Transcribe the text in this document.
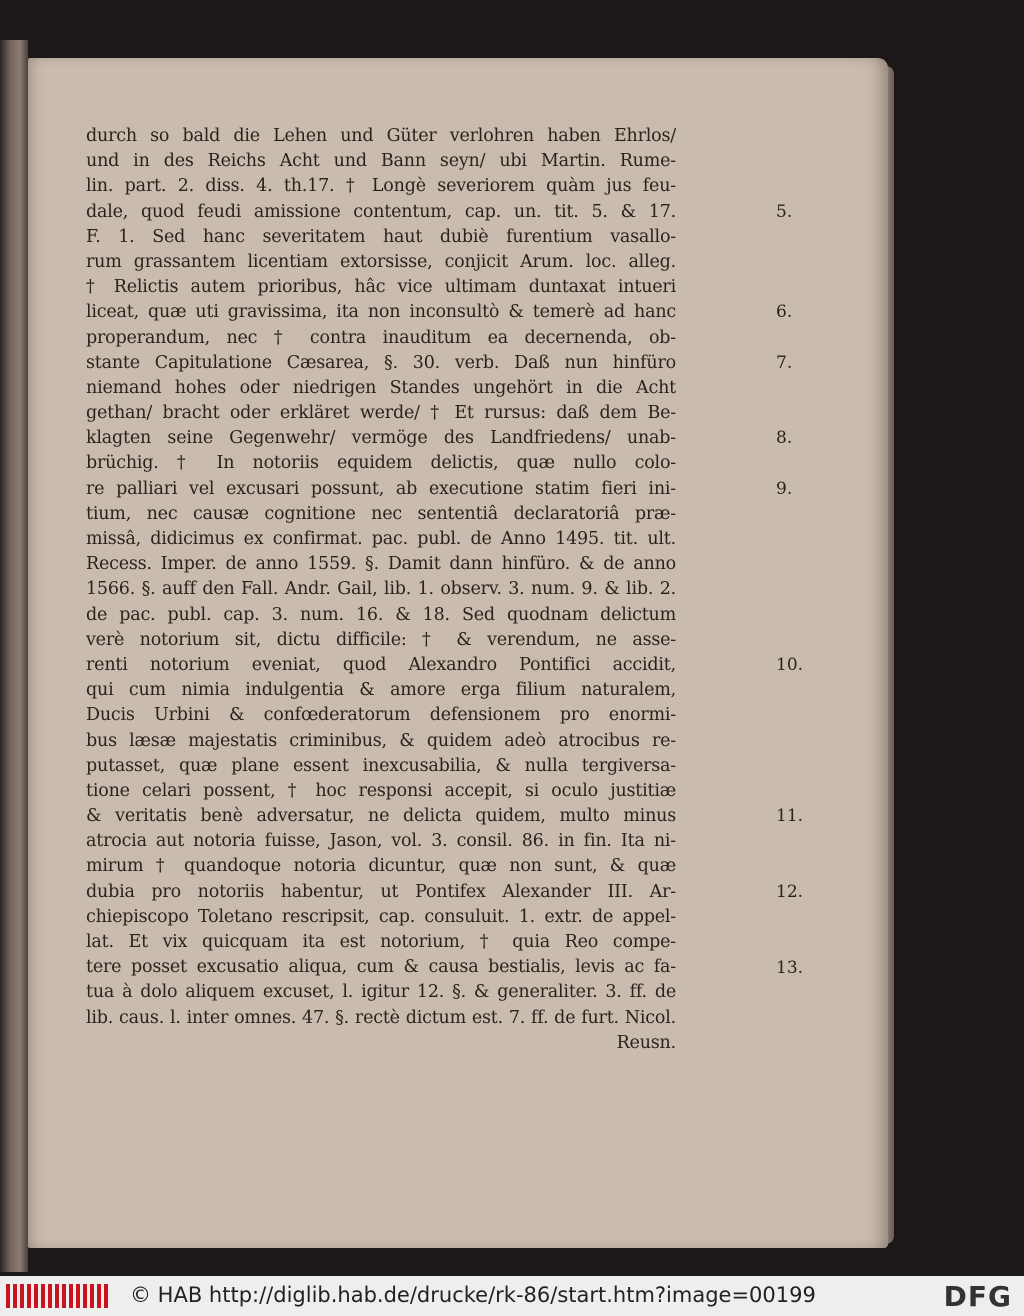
durch so bald die Lehen und Güter verlohren haben Ehrlos/
und in des Reichs Acht und Bann seyn/ ubi Martin. Rume-
lin. part. 2. diss. 4. th.17. † Longè severiorem quàm jus feu-
dale, quod feudi amissione contentum, cap. un. tit. 5. & 17.
F. 1. Sed hanc severitatem haut dubiè furentium vasallo-
rum grassantem licentiam extorsisse, conjicit Arum. loc. alleg.
† Relictis autem prioribus, hâc vice ultimam duntaxat intueri
liceat, quæ uti gravissima, ita non inconsultò & temerè ad hanc
properandum, nec † contra inauditum ea decernenda, ob-
stante Capitulatione Cæsarea, §. 30. verb. Daß nun hinfüro
niemand hohes oder niedrigen Standes ungehört in die Acht
gethan/ bracht oder erkläret werde/ † Et rursus: daß dem Be-
klagten seine Gegenwehr/ vermöge des Landfriedens/ unab-
brüchig. † In notoriis equidem delictis, quæ nullo colo-
re palliari vel excusari possunt, ab executione statim fieri ini-
tium, nec causæ cognitione nec sententiâ declaratoriâ præ-
missâ, didicimus ex confirmat. pac. publ. de Anno 1495. tit. ult.
Recess. Imper. de anno 1559. §. Damit dann hinfüro. & de anno
1566. §. auff den Fall. Andr. Gail, lib. 1. observ. 3. num. 9. & lib. 2.
de pac. publ. cap. 3. num. 16. & 18. Sed quodnam delictum
verè notorium sit, dictu difficile: † & verendum, ne asse-
renti notorium eveniat, quod Alexandro Pontifici accidit,
qui cum nimia indulgentia & amore erga filium naturalem,
Ducis Urbini & confœderatorum defensionem pro enormi-
bus læsæ majestatis criminibus, & quidem adeò atrocibus re-
putasset, quæ plane essent inexcusabilia, & nulla tergiversa-
tione celari possent, † hoc responsi accepit, si oculo justitiæ
& veritatis benè adversatur, ne delicta quidem, multo minus
atrocia aut notoria fuisse, Jason, vol. 3. consil. 86. in fin. Ita ni-
mirum † quandoque notoria dicuntur, quæ non sunt, & quæ
dubia pro notoriis habentur, ut Pontifex Alexander III. Ar-
chiepiscopo Toletano rescripsit, cap. consuluit. 1. extr. de appel-
lat. Et vix quicquam ita est notorium, † quia Reo compe-
tere posset excusatio aliqua, cum & causa bestialis, levis ac fa-
tua à dolo aliquem excuset, l. igitur 12. §. & generaliter. 3. ff. de
lib. caus. l. inter omnes. 47. §. rectè dictum est. 7. ff. de furt. Nicol.
Reusn.
5.
6.
7.
8.
9.
10.
11.
12.
13.
© HAB http://diglib.hab.de/drucke/rk-86/start.htm?image=00199	DFG
